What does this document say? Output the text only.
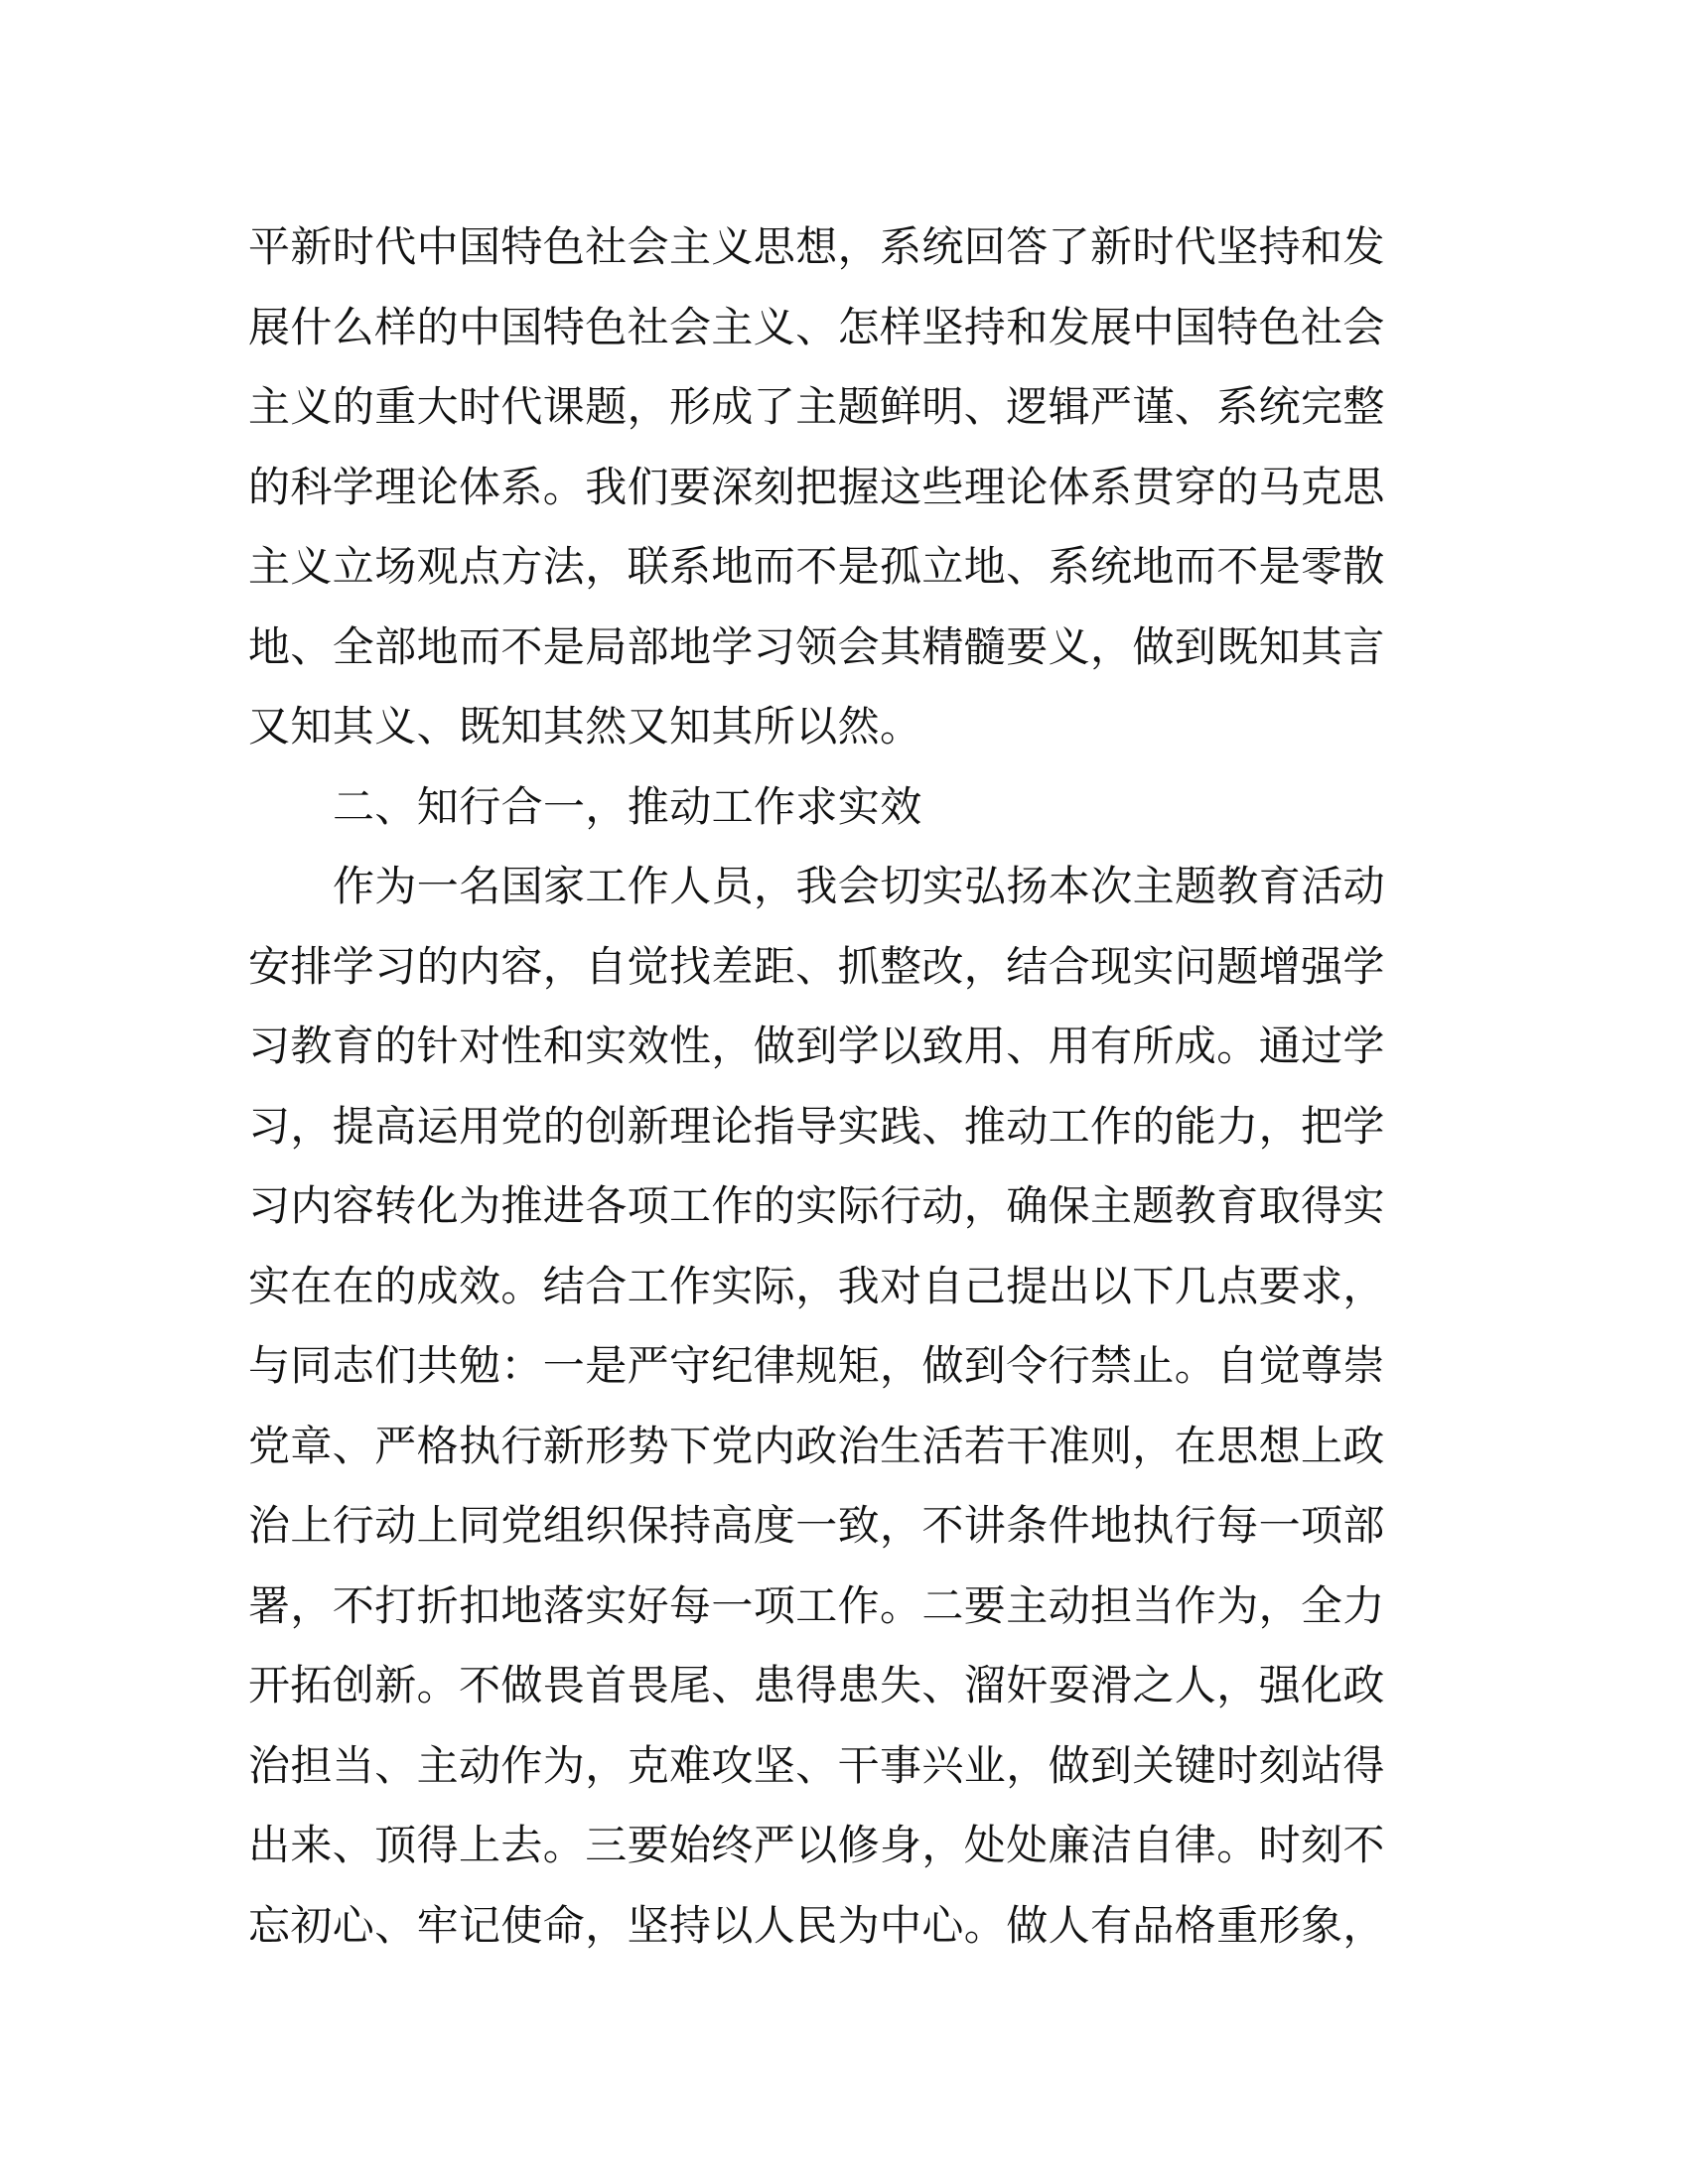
平新时代中国特色社会主义思想，系统回答了新时代坚持和发
展什么样的中国特色社会主义、怎样坚持和发展中国特色社会
主义的重大时代课题，形成了主题鲜明、逻辑严谨、系统完整
的科学理论体系。我们要深刻把握这些理论体系贯穿的马克思
主义立场观点方法，联系地而不是孤立地、系统地而不是零散
地、全部地而不是局部地学习领会其精髓要义，做到既知其言
又知其义、既知其然又知其所以然。
二、知行合一，推动工作求实效
作为一名国家工作人员，我会切实弘扬本次主题教育活动
安排学习的内容，自觉找差距、抓整改，结合现实问题增强学
习教育的针对性和实效性，做到学以致用、用有所成。通过学
习，提高运用党的创新理论指导实践、推动工作的能力，把学
习内容转化为推进各项工作的实际行动，确保主题教育取得实
实在在的成效。结合工作实际，我对自己提出以下几点要求，
与同志们共勉：一是严守纪律规矩，做到令行禁止。自觉尊崇
党章、严格执行新形势下党内政治生活若干准则，在思想上政
治上行动上同党组织保持高度一致，不讲条件地执行每一项部
署，不打折扣地落实好每一项工作。二要主动担当作为，全力
开拓创新。不做畏首畏尾、患得患失、溜奸耍滑之人，强化政
治担当、主动作为，克难攻坚、干事兴业，做到关键时刻站得
出来、顶得上去。三要始终严以修身，处处廉洁自律。时刻不
忘初心、牢记使命，坚持以人民为中心。做人有品格重形象，
